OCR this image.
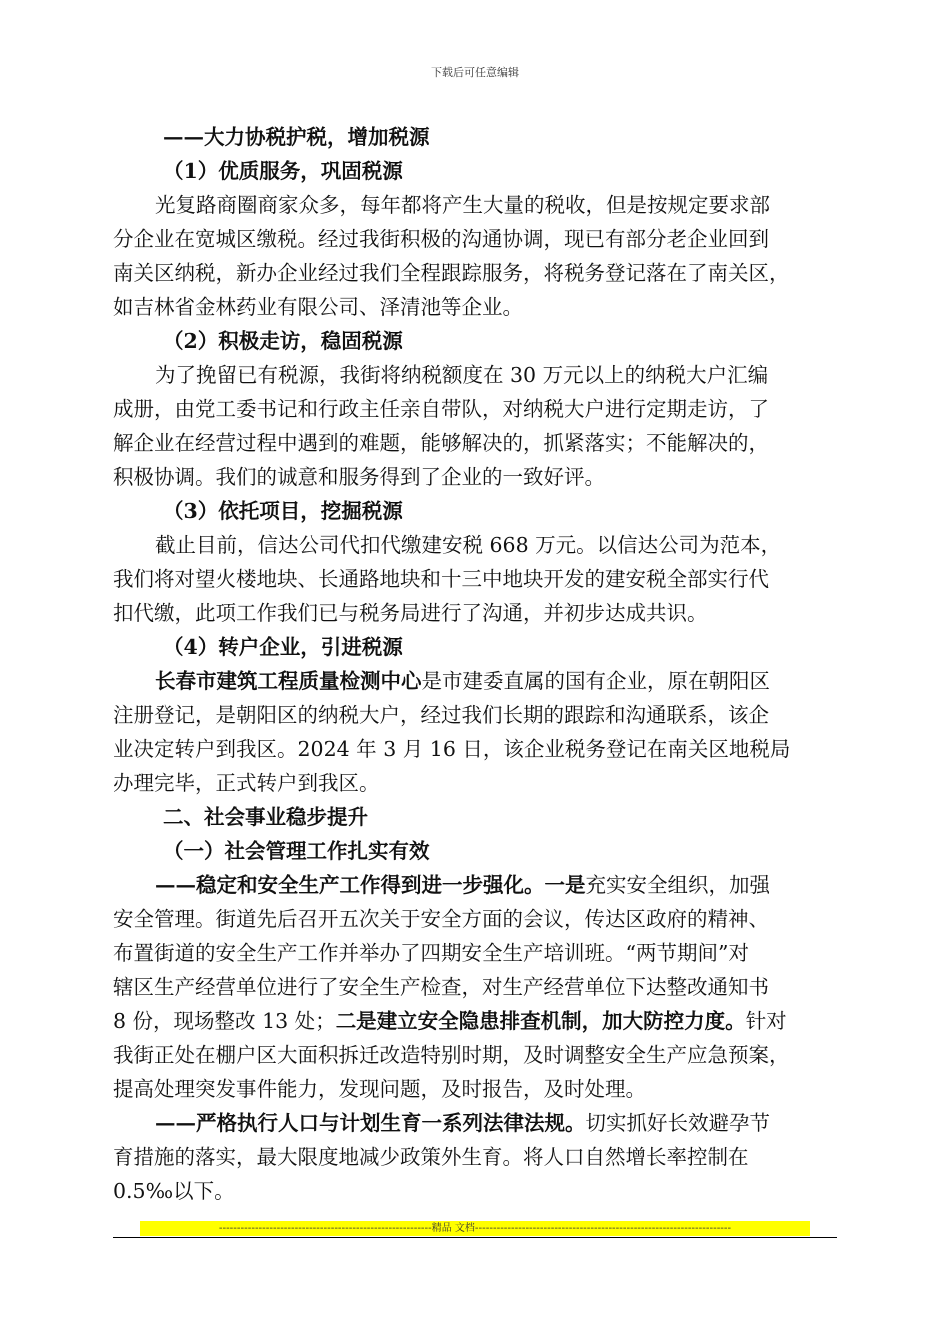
下载后可任意编辑
——大力协税护税，增加税源
（1）优质服务，巩固税源
光复路商圈商家众多，每年都将产生大量的税收，但是按规定要求部
分企业在宽城区缴税。经过我街积极的沟通协调，现已有部分老企业回到
南关区纳税，新办企业经过我们全程跟踪服务，将税务登记落在了南关区，
如吉林省金林药业有限公司、泽清池等企业。
（2）积极走访，稳固税源
为了挽留已有税源，我街将纳税额度在 30 万元以上的纳税大户汇编
成册，由党工委书记和行政主任亲自带队，对纳税大户进行定期走访，了
解企业在经营过程中遇到的难题，能够解决的，抓紧落实；不能解决的，
积极协调。我们的诚意和服务得到了企业的一致好评。
（3）依托项目，挖掘税源
截止目前，信达公司代扣代缴建安税 668 万元。以信达公司为范本，
我们将对望火楼地块、长通路地块和十三中地块开发的建安税全部实行代
扣代缴，此项工作我们已与税务局进行了沟通，并初步达成共识。
（4）转户企业，引进税源
长春市建筑工程质量检测中心是市建委直属的国有企业，原在朝阳区
注册登记，是朝阳区的纳税大户，经过我们长期的跟踪和沟通联系，该企
业决定转户到我区。2024 年 3 月 16 日，该企业税务登记在南关区地税局
办理完毕，正式转户到我区。
二、社会事业稳步提升
（一）社会管理工作扎实有效
——稳定和安全生产工作得到进一步强化。一是充实安全组织，加强
安全管理。街道先后召开五次关于安全方面的会议，传达区政府的精神、
布置街道的安全生产工作并举办了四期安全生产培训班。“两节期间”对
辖区生产经营单位进行了安全生产检查，对生产经营单位下达整改通知书
8 份，现场整改 13 处；二是建立安全隐患排查机制，加大防控力度。针对
我街正处在棚户区大面积拆迁改造特别时期，及时调整安全生产应急预案，
提高处理突发事件能力，发现问题，及时报告，及时处理。
——严格执行人口与计划生育一系列法律法规。切实抓好长效避孕节
育措施的落实，最大限度地减少政策外生育。将人口自然增长率控制在
0.5‰以下。
-----------------------------------------------------------精品 文档-----------------------------------------------------------------------
